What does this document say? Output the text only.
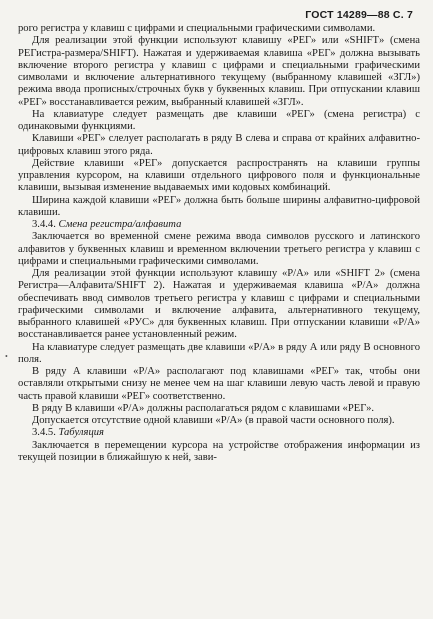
ГОСТ 14289—88 С. 7
•

рого регистра у клавиш с цифрами и специальными графическими символами.

Для реализации этой функции используют клавишу «РЕГ» или «SHIFT» (смена РЕГистра-размера/SHIFT). Нажатая и удерживаемая клавиша «РЕГ» должна вызывать включение второго регистра у клавиш с цифрами и специальными графическими символами и включение альтернативного текущему (выбранному клавишей «ЗГЛ») режима ввода прописных/строчных букв у буквенных клавиш. При отпускании клавиш «РЕГ» восстанавливается режим, выбранный клавишей «ЗГЛ».

На клавиатуре следует размещать две клавиши «РЕГ» (смена регистра) с одинаковыми функциями.

Клавиши «РЕГ» слелует располагать в ряду В слева и справа от крайних алфавитно-цифровых клавиш этого ряда.

Действие клавиши «РЕГ» допускается распространять на клавиши группы управления курсором, на клавиши отдельного цифрового поля и функциональные клавиши, вызывая изменение выдаваемых ими кодовых комбинаций.

Ширина каждой клавиши «РЕГ» должна быть больше ширины алфавитно-цифровой клавиши.

3.4.4. Смена регистра/алфавита

Заключается во временной смене режима ввода символов русского и латинского алфавитов у буквенных клавиш и временном включении третьего регистра у клавиш с цифрами и специальными графическими символами.

Для реализации этой функции используют клавишу «Р/А» или «SHIFT 2» (смена Регистра—Алфавита/SHIFT 2). Нажатая и удерживаемая клавиша «Р/А» должна обеспечивать ввод символов третьего регистра у клавиш с цифрами и специальными графическими символами и включение алфавита, альтернативного текущему, выбранного клавишей «РУС» для буквенных клавиш. При отпускании клавиши «Р/А» восстанавливается ранее установленный режим.

На клавиатуре следует размещать две клавиши «Р/А» в ряду А или ряду В основного поля.

В ряду А клавиши «Р/А» располагают под клавишами «РЕГ» так, чтобы они оставляли открытыми снизу не менее чем на шаг клавиши левую часть левой и правую часть правой клавиши «РЕГ» соответственно.

В ряду В клавиши «Р/А» должны располагаться рядом с клавишами «РЕГ».

Допускается отсутствие одной клавиши «Р/А» (в правой части основного поля).

3.4.5. Табуляция

Заключается в перемещении курсора на устройстве отображения информации из текущей позиции в ближайшую к ней, зави-
